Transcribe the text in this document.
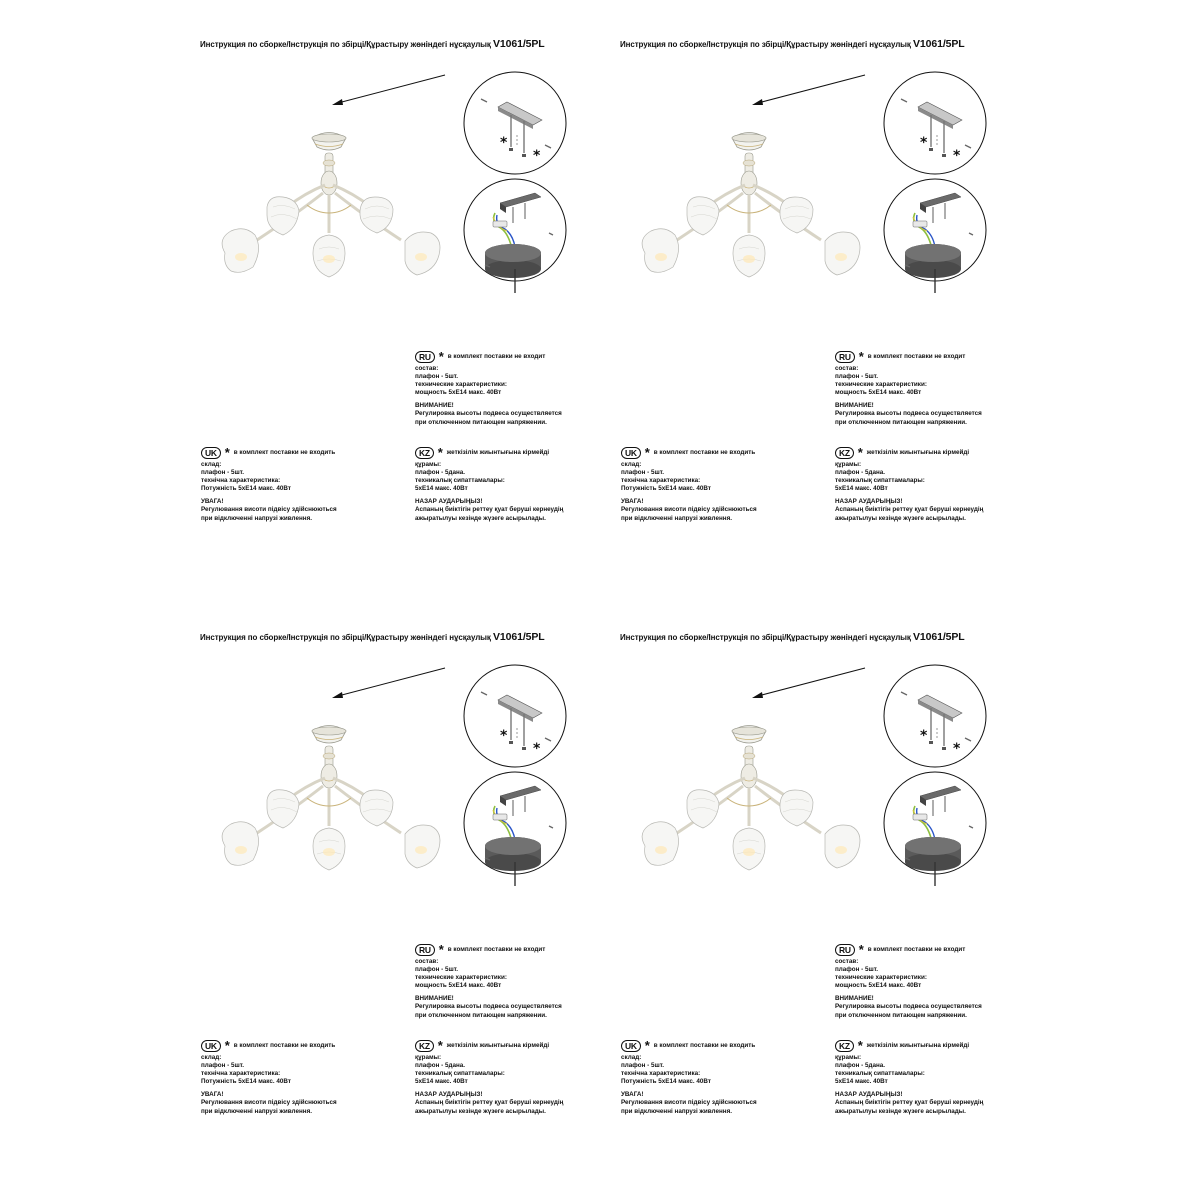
Инструкция по сборке/Інструкція по збірці/Құрастыру жөніндегі нұсқаулық V1061/5PL
*
*
RU * в комплект поставки не входит
состав:
плафон - 5шт.
технические характеристики:
мощность 5xE14 макс. 40Вт
ВНИМАНИЕ!
Регулировка высоты подвеса осуществляется
при отключенном питающем напряжении.
UK * в комплект поставки не входить
склад:
плафон - 5шт.
технічна характеристика:
Потужність 5xE14 макс. 40Вт
УВАГА!
Регулювання висоти підвісу здійснюються
при відключенні напрузі живлення.
KZ * жеткізілім жиынтығына кірмейді
құрамы:
плафон - 5дана.
техникалық сипаттамалары:
5xE14 макс. 40Вт
НАЗАР АУДАРЫҢЫЗ!
Аспаның биіктігін реттеу қуат беруші кернеудің
ажыратылуы кезінде жүзеге асырылады.
Инструкция по сборке/Інструкція по збірці/Құрастыру жөніндегі нұсқаулық V1061/5PL
*
*
RU * в комплект поставки не входит
состав:
плафон - 5шт.
технические характеристики:
мощность 5xE14 макс. 40Вт
ВНИМАНИЕ!
Регулировка высоты подвеса осуществляется
при отключенном питающем напряжении.
UK * в комплект поставки не входить
склад:
плафон - 5шт.
технічна характеристика:
Потужність 5xE14 макс. 40Вт
УВАГА!
Регулювання висоти підвісу здійснюються
при відключенні напрузі живлення.
KZ * жеткізілім жиынтығына кірмейді
құрамы:
плафон - 5дана.
техникалық сипаттамалары:
5xE14 макс. 40Вт
НАЗАР АУДАРЫҢЫЗ!
Аспаның биіктігін реттеу қуат беруші кернеудің
ажыратылуы кезінде жүзеге асырылады.
Инструкция по сборке/Інструкція по збірці/Құрастыру жөніндегі нұсқаулық V1061/5PL
*
*
RU * в комплект поставки не входит
состав:
плафон - 5шт.
технические характеристики:
мощность 5xE14 макс. 40Вт
ВНИМАНИЕ!
Регулировка высоты подвеса осуществляется
при отключенном питающем напряжении.
UK * в комплект поставки не входить
склад:
плафон - 5шт.
технічна характеристика:
Потужність 5xE14 макс. 40Вт
УВАГА!
Регулювання висоти підвісу здійснюються
при відключенні напрузі живлення.
KZ * жеткізілім жиынтығына кірмейді
құрамы:
плафон - 5дана.
техникалық сипаттамалары:
5xE14 макс. 40Вт
НАЗАР АУДАРЫҢЫЗ!
Аспаның биіктігін реттеу қуат беруші кернеудің
ажыратылуы кезінде жүзеге асырылады.
Инструкция по сборке/Інструкція по збірці/Құрастыру жөніндегі нұсқаулық V1061/5PL
*
*
RU * в комплект поставки не входит
состав:
плафон - 5шт.
технические характеристики:
мощность 5xE14 макс. 40Вт
ВНИМАНИЕ!
Регулировка высоты подвеса осуществляется
при отключенном питающем напряжении.
UK * в комплект поставки не входить
склад:
плафон - 5шт.
технічна характеристика:
Потужність 5xE14 макс. 40Вт
УВАГА!
Регулювання висоти підвісу здійснюються
при відключенні напрузі живлення.
KZ * жеткізілім жиынтығына кірмейді
құрамы:
плафон - 5дана.
техникалық сипаттамалары:
5xE14 макс. 40Вт
НАЗАР АУДАРЫҢЫЗ!
Аспаның биіктігін реттеу қуат беруші кернеудің
ажыратылуы кезінде жүзеге асырылады.
